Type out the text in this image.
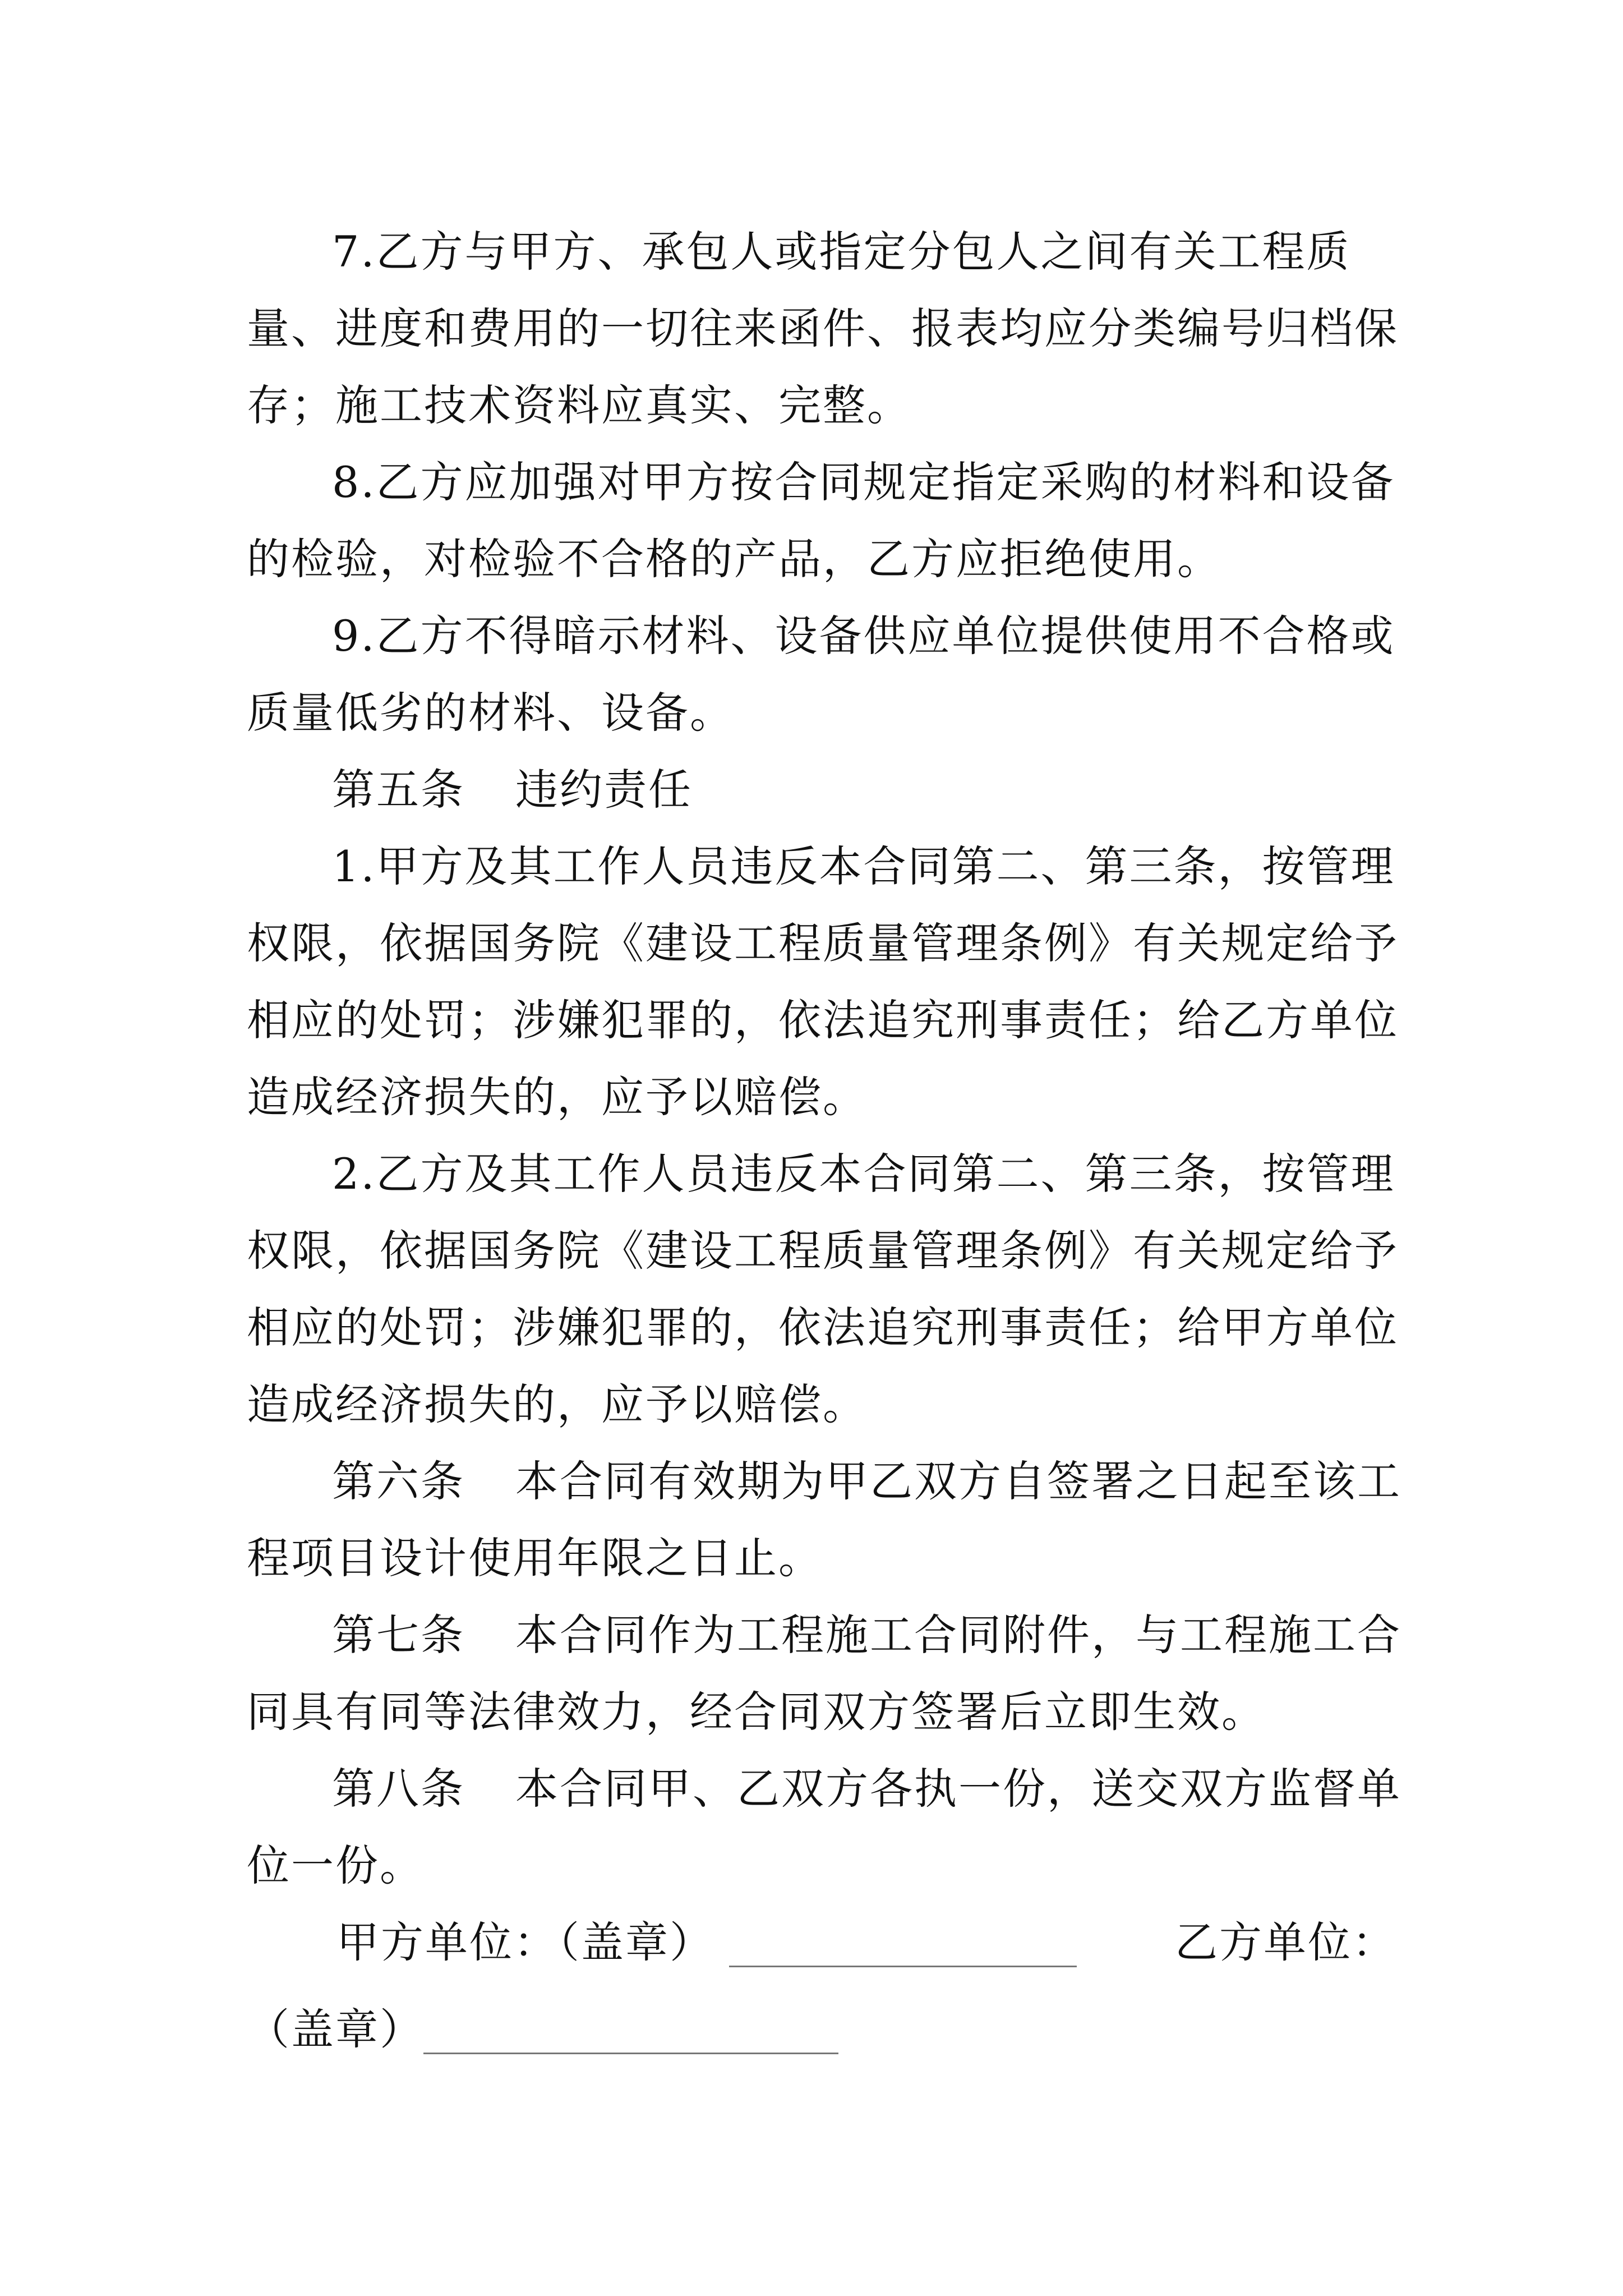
7.乙方与甲方、承包人或指定分包人之间有关工程质量、进度和费用的一切往来函件、报表均应分类编号归档保存；施工技术资料应真实、完整。

8.乙方应加强对甲方按合同规定指定采购的材料和设备的检验，对检验不合格的产品，乙方应拒绝使用。

9.乙方不得暗示材料、设备供应单位提供使用不合格或质量低劣的材料、设备。

第五条 违约责任

1.甲方及其工作人员违反本合同第二、第三条，按管理权限，依据国务院《建设工程质量管理条例》有关规定给予相应的处罚；涉嫌犯罪的，依法追究刑事责任；给乙方单位造成经济损失的，应予以赔偿。

2.乙方及其工作人员违反本合同第二、第三条，按管理权限，依据国务院《建设工程质量管理条例》有关规定给予相应的处罚；涉嫌犯罪的，依法追究刑事责任；给甲方单位造成经济损失的，应予以赔偿。

第六条 本合同有效期为甲乙双方自签署之日起至该工程项目设计使用年限之日止。

第七条 本合同作为工程施工合同附件，与工程施工合同具有同等法律效力，经合同双方签署后立即生效。

第八条 本合同甲、乙双方各执一份，送交双方监督单位一份。

甲方单位：（盖章）	乙方单位：
（盖章）
